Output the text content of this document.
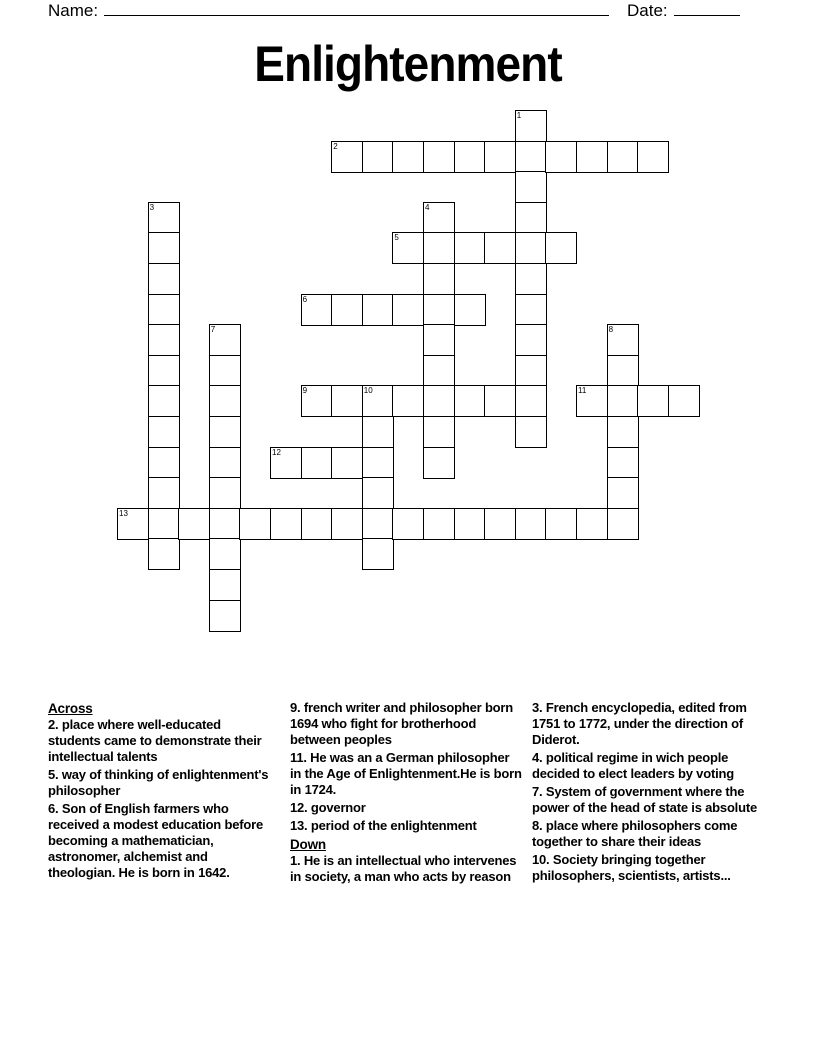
Name:	Date:
Enlightenment
1
2
3	4
5
6
7	8
9	10	11
12
13
Across
2. place where well-educated students came to demonstrate their intellectual talents
5. way of thinking of enlightenment's philosopher
6. Son of English farmers who received a modest education before becoming a mathematician, astronomer, alchemist and theologian. He is born in 1642.
9. french writer and philosopher born 1694 who fight for brotherhood between peoples
11. He was an a German philosopher in the Age of Enlightenment.He is born in 1724.
12. governor
13. period of the enlightenment
Down
1. He is an intellectual who intervenes in society, a man who acts by reason
3. French encyclopedia, edited from 1751 to 1772, under the direction of Diderot.
4. political regime in wich people decided to elect leaders by voting
7. System of government where the power of the head of state is absolute
8. place where philosophers come together to share their ideas
10. Society bringing together philosophers, scientists, artists...
